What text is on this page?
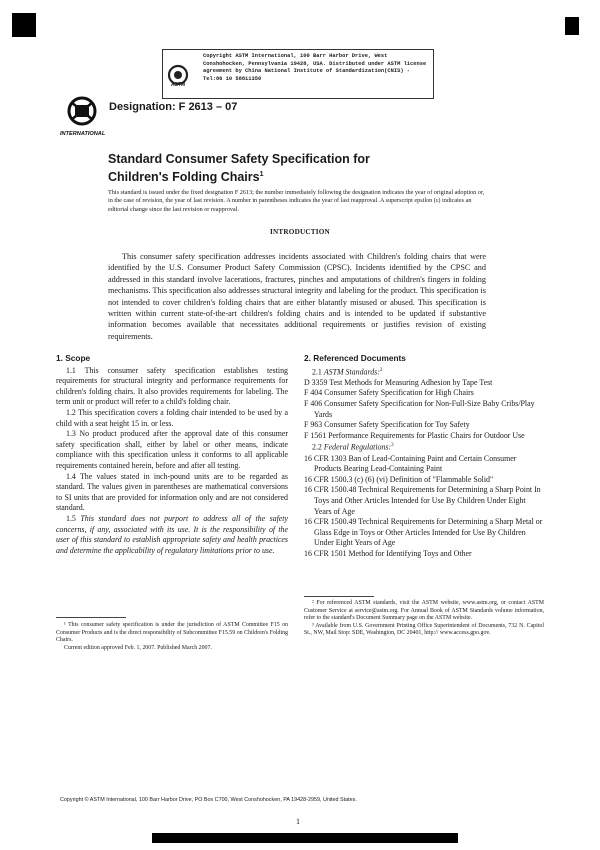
ASTM
Copyright ASTM International, 100 Barr Harbor Drive, West Conshohocken, Pennsylvania 19428, USA. Distributed under ASTM license agreement by China National Institute of Standardization(CNIS) - Tel:86 10 58811350
INTERNATIONAL
Designation: F 2613 – 07
Standard Consumer Safety Specification for
Children's Folding Chairs$^1$
This standard is issued under the fixed designation F 2613; the number immediately following the designation indicates the year of original adoption or, in the case of revision, the year of last revision. A number in parentheses indicates the year of last reapproval. A superscript epsilon (ε) indicates an editorial change since the last revision or reapproval.
INTRODUCTION
This consumer safety specification addresses incidents associated with Children's folding chairs that were identified by the U.S. Consumer Product Safety Commission (CPSC). Incidents identified by the CPSC and addressed in this standard involve lacerations, fractures, pinches and amputations of children's fingers in folding mechanisms. This specification also addresses structural integrity and labeling for the product. This specification is not intended to cover children's folding chairs that are either blatantly misused or abused. This specification is written within current state-of-the-art children's folding chairs and is intended to be updated if substantive information becomes available that necessitates additional requirements or justifies revision of existing requirements.
1. Scope

1.1 This consumer safety specification establishes testing requirements for structural integrity and performance requirements for children's folding chairs. It also provides requirements for labeling. The term unit or product will refer to a child's folding chair.

1.2 This specification covers a folding chair intended to be used by a child with a seat height 15 in. or less.

1.3 No product produced after the approval date of this consumer safety specification shall, either by label or other means, indicate compliance with this specification unless it conforms to all applicable requirements contained herein, before and after all testing.

1.4 The values stated in inch-pound units are to be regarded as standard. The values given in parentheses are mathematical conversions to SI units that are provided for information only and are not considered standard.

1.5 This standard does not purport to address all of the safety concerns, if any, associated with its use. It is the responsibility of the user of this standard to establish appropriate safety and health practices and determine the applicability of regulatory limitations prior to use.

2. Referenced Documents
2.1 ASTM Standards:$^2$

D 3359 Test Methods for Measuring Adhesion by Tape Test

F 404 Consumer Safety Specification for High Chairs

F 406 Consumer Safety Specification for Non-Full-Size Baby Cribs/Play Yards

F 963 Consumer Safety Specification for Toy Safety

F 1561 Performance Requirements for Plastic Chairs for Outdoor Use

2.2 Federal Regulations:$^3$

16 CFR 1303 Ban of Lead-Containing Paint and Certain Consumer Products Bearing Lead-Containing Paint

16 CFR 1500.3 (c) (6) (vi) Definition of "Flammable Solid"

16 CFR 1500.48 Technical Requirements for Determining a Sharp Point In Toys and Other Articles Intended for Use By Children Under Eight Years of Age

16 CFR 1500.49 Technical Requirements for Determining a Sharp Metal or Glass Edge in Toys or Other Articles Intended for Use By Children Under Eight Years of Age

16 CFR 1501 Method for Identifying Toys and Other

¹ This consumer safety specification is under the jurisdiction of ASTM Committee F15 on Consumer Products and is the direct responsibility of Subcommittee F15.59 on Children's Folding Chairs.
Current edition approved Feb. 1, 2007. Published March 2007.
² For referenced ASTM standards, visit the ASTM website, www.astm.org, or contact ASTM Customer Service at service@astm.org. For Annual Book of ASTM Standards volume information, refer to the standard's Document Summary page on the ASTM website.
³ Available from U.S. Government Printing Office Superintendent of Documents, 732 N. Capitol St., NW, Mail Stop: SDE, Washington, DC 20401, http:// www.access.gpo.gov.
Copyright © ASTM International, 100 Barr Harbor Drive, PO Box C700, West Conshohocken, PA 19428-2959, United States.
1
